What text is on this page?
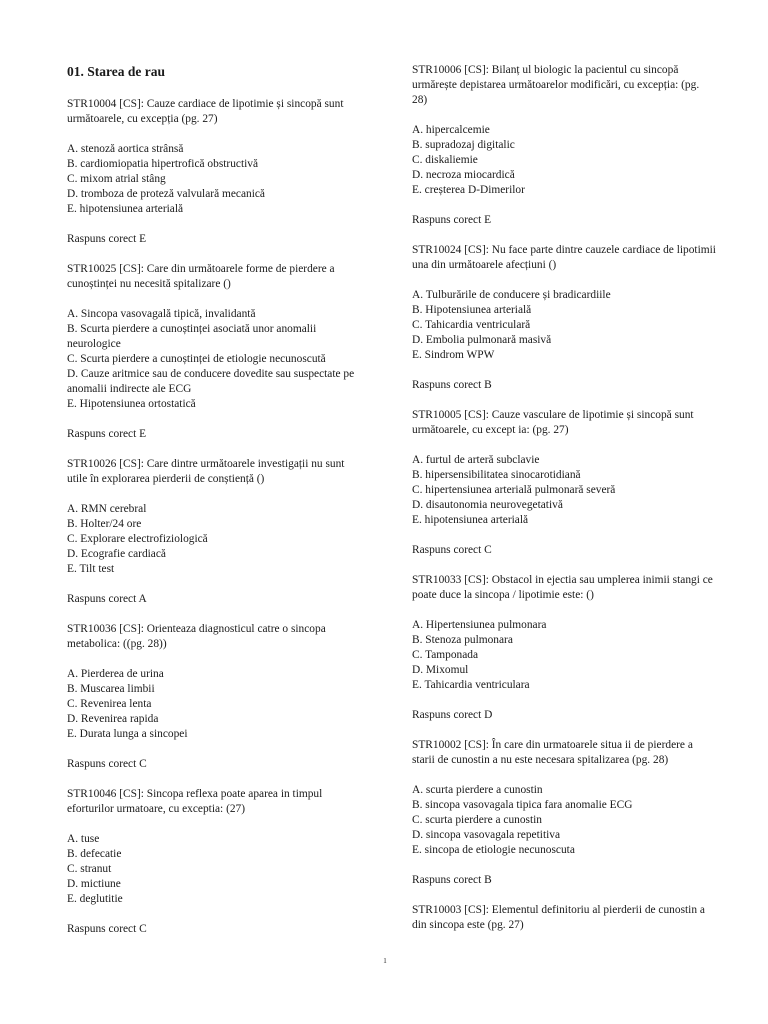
01. Starea de rau

STR10004 [CS]: Cauze cardiace de lipotimie și sincopă sunt următoarele, cu excepția (pg. 27)

A. stenoză aortica strânsă
B. cardiomiopatia hipertrofică obstructivă
C. mixom atrial stâng
D. tromboza de proteză valvulară mecanică
E. hipotensiunea arterială

Raspuns corect E

STR10025 [CS]: Care din următoarele forme de pierdere a cunoștinței nu necesită spitalizare ()

A. Sincopa vasovagală tipică, invalidantă
B. Scurta pierdere a cunoștinței asociată unor anomalii neurologice
C. Scurta pierdere a cunoștinței de etiologie necunoscută
D. Cauze aritmice sau de conducere dovedite sau suspectate pe anomalii indirecte ale ECG
E. Hipotensiunea ortostatică

Raspuns corect E

STR10026 [CS]: Care dintre următoarele investigații nu sunt utile în explorarea pierderii de conștiență ()

A. RMN cerebral
B. Holter/24 ore
C. Explorare electrofiziologică
D. Ecografie cardiacă
E. Tilt test

Raspuns corect A

STR10036 [CS]: Orienteaza diagnosticul catre o sincopa metabolica: ((pg. 28))

A. Pierderea de urina
B. Muscarea limbii
C. Revenirea lenta
D. Revenirea rapida
E. Durata lunga a sincopei

Raspuns corect C

STR10046 [CS]: Sincopa reflexa poate aparea in timpul eforturilor urmatoare, cu exceptia: (27)

A. tuse
B. defecatie
C. stranut
D. mictiune
E. deglutitie

Raspuns corect C

STR10006 [CS]: Bilanț ul biologic la pacientul cu sincopă urmărește depistarea următoarelor modificări, cu excepția: (pg. 28)

A. hipercalcemie
B. supradozaj digitalic
C. diskaliemie
D. necroza miocardică
E. creșterea D-Dimerilor

Raspuns corect E

STR10024 [CS]: Nu face parte dintre cauzele cardiace de lipotimii una din următoarele afecțiuni ()

A. Tulburările de conducere și bradicardiile
B. Hipotensiunea arterială
C. Tahicardia ventriculară
D. Embolia pulmonară masivă
E. Sindrom WPW

Raspuns corect B

STR10005 [CS]: Cauze vasculare de lipotimie și sincopă sunt următoarele, cu except ia: (pg. 27)

A. furtul de arteră subclavie
B. hipersensibilitatea sinocarotidiană
C. hipertensiunea arterială pulmonară severă
D. disautonomia neurovegetativă
E. hipotensiunea arterială

Raspuns corect C

STR10033 [CS]: Obstacol in ejectia sau umplerea inimii stangi ce poate duce la sincopa / lipotimie este: ()

A. Hipertensiunea pulmonara
B. Stenoza pulmonara
C. Tamponada
D. Mixomul
E. Tahicardia ventriculara

Raspuns corect D

STR10002 [CS]: În care din urmatoarele situa ii de pierdere a starii de cunostin a nu este necesara spitalizarea (pg. 28)

A. scurta pierdere a cunostin
B. sincopa vasovagala tipica fara anomalie ECG
C. scurta pierdere a cunostin
D. sincopa vasovagala repetitiva
E. sincopa de etiologie necunoscuta

Raspuns corect B

STR10003 [CS]: Elementul definitoriu al pierderii de cunostin a din sincopa este (pg. 27)

1
